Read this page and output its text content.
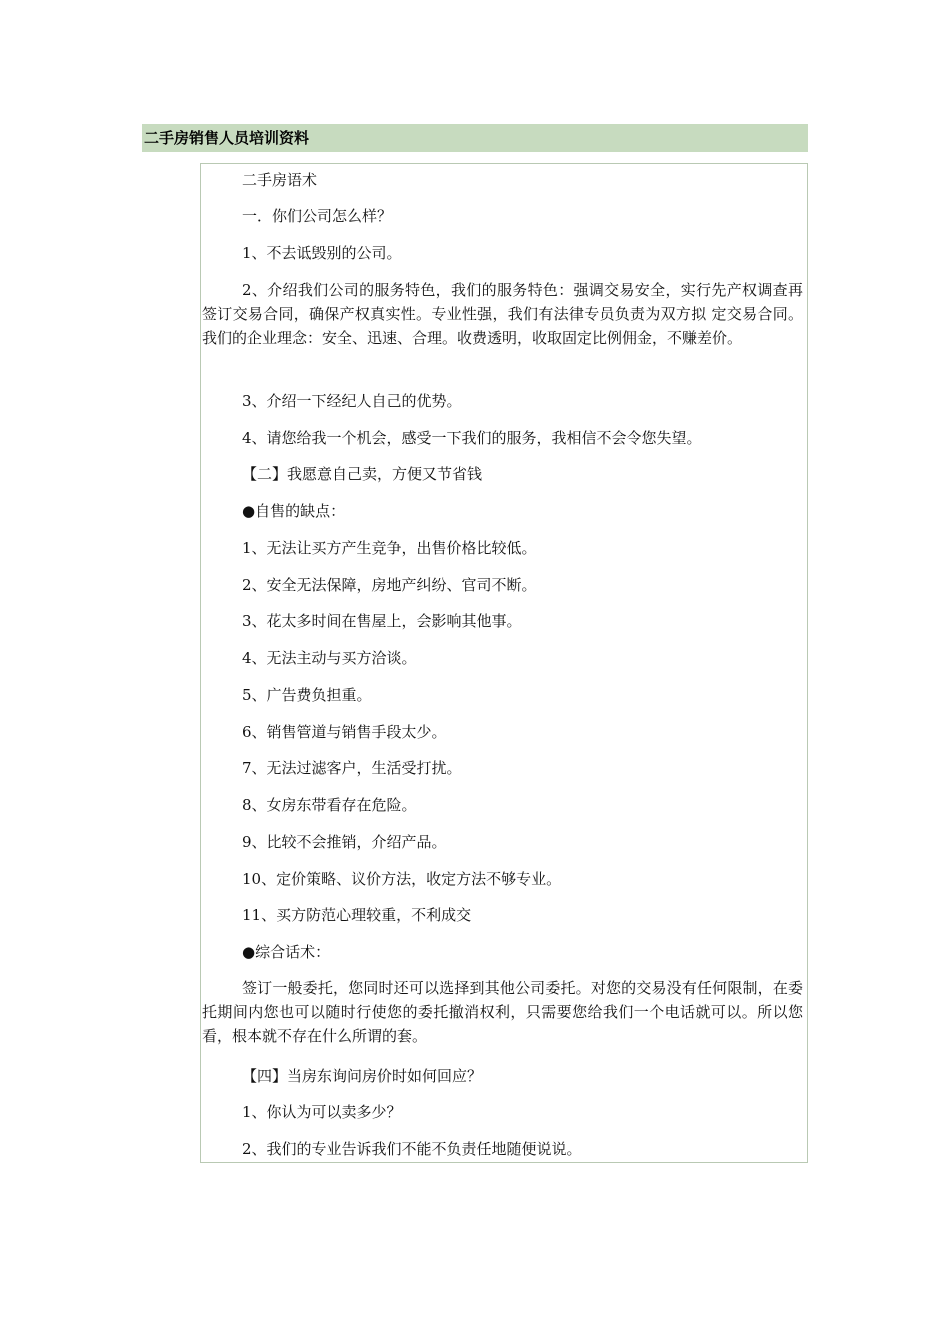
二手房销售人员培训资料

二手房语术

一．你们公司怎么样？

1、不去诋毁别的公司。

2、介绍我们公司的服务特色，我们的服务特色：强调交易安全，实行先产权调查再签订交易合同，确保产权真实性。专业性强，我们有法律专员负责为双方拟 定交易合同。我们的企业理念：安全、迅速、合理。收费透明，收取固定比例佣金，不赚差价。

3、介绍一下经纪人自己的优势。

4、请您给我一个机会，感受一下我们的服务，我相信不会令您失望。

【二】我愿意自己卖，方便又节省钱

●自售的缺点：

1、无法让买方产生竞争，出售价格比较低。

2、安全无法保障，房地产纠纷、官司不断。

3、花太多时间在售屋上，会影响其他事。

4、无法主动与买方洽谈。

5、广告费负担重。

6、销售管道与销售手段太少。

7、无法过滤客户，生活受打扰。

8、女房东带看存在危险。

9、比较不会推销，介绍产品。

10、定价策略、议价方法，收定方法不够专业。

11、买方防范心理较重，不利成交

●综合话术：

签订一般委托，您同时还可以选择到其他公司委托。对您的交易没有任何限制，在委托期间内您也可以随时行使您的委托撤消权利，只需要您给我们一个电话就可以。所以您看，根本就不存在什么所谓的套。

【四】当房东询问房价时如何回应？

1、你认为可以卖多少？

2、我们的专业告诉我们不能不负责任地随便说说。
